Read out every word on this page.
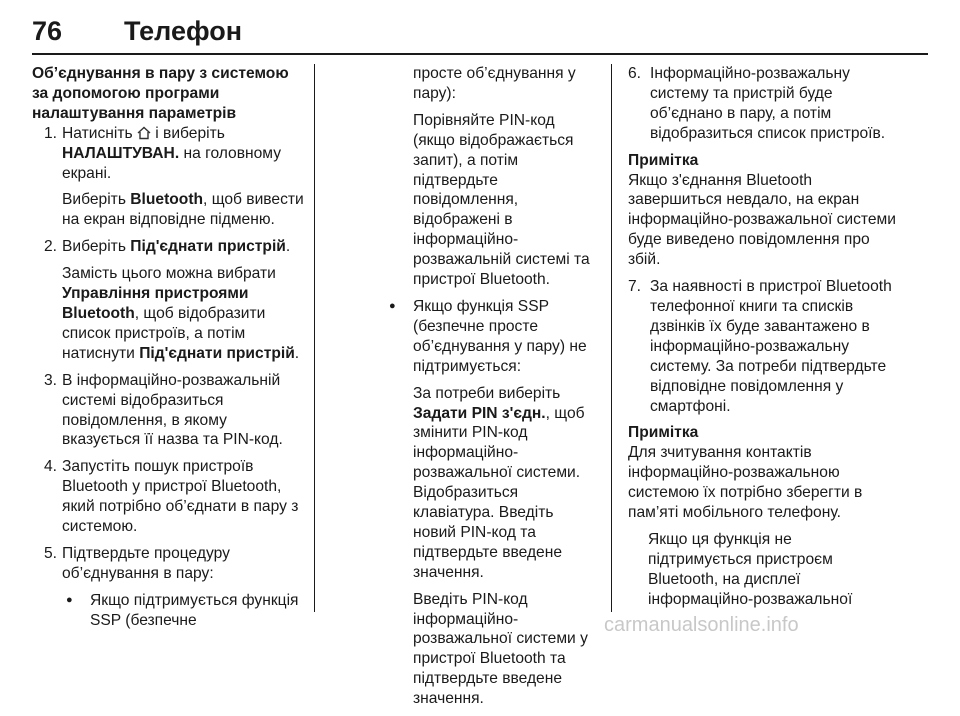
76 Телефон

Об’єднування в пару з системою за допомогою програми налаштування параметрів

1. Натисніть  і виберіть НАЛАШТУВАН. на головному екрані.

Виберіть Bluetooth, щоб вивести на екран відповідне підменю.

2. Виберіть Під'єднати пристрій.

Замість цього можна вибрати Управління пристроями Bluetooth, щоб відобразити список пристроїв, а потім натиснути Під'єднати пристрій.

3. В інформаційно-розважальній системі відобразиться повідомлення, в якому вказується її назва та PIN-код.
4. Запустіть пошук пристроїв Bluetooth у пристрої Bluetooth, який потрібно об’єднати в пару з системою.
5. Підтвердьте процедуру об’єднування в пару:
● Якщо підтримується функція SSP (безпечне

просте об’єднування у пару):

Порівняйте PIN-код (якщо відображається запит), а потім підтвердьте повідомлення, відображені в інформаційно-розважальній системі та пристрої Bluetooth.

● Якщо функція SSP (безпечне просте об’єднування у пару) не підтримується:

За потреби виберіть Задати PIN з'єдн., щоб змінити PIN-код інформаційно-розважальної системи. Відобразиться клавіатура. Введіть новий PIN-код та підтвердьте введене значення.

Введіть PIN-код інформаційно-розважальної системи у пристрої Bluetooth та підтвердьте введене значення.

6. Інформаційно-розважальну систему та пристрій буде об’єднано в пару, а потім відобразиться список пристроїв.

Примітка

Якщо з'єднання Bluetooth завершиться невдало, на екран інформаційно-розважальної системи буде виведено повідомлення про збій.

7. За наявності в пристрої Bluetooth телефонної книги та списків дзвінків їх буде завантажено в інформаційно-розважальну систему. За потреби підтвердьте відповідне повідомлення у смартфоні.

Примітка

Для зчитування контактів інформаційно-розважальною системою їх потрібно зберегти в пам’яті мобільного телефону.

Якщо ця функція не підтримується пристроєм Bluetooth, на дисплеї інформаційно-розважальної

carmanualsonline.info
